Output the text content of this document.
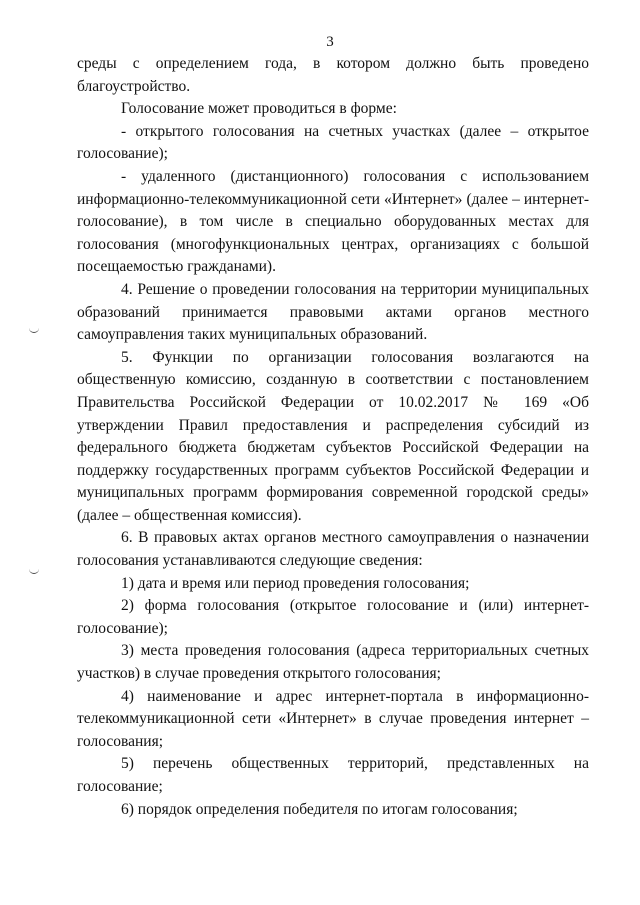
3

среды с определением года, в котором должно быть проведено благоустройство.

Голосование может проводиться в форме:

- открытого голосования на счетных участках (далее – открытое голосование);

- удаленного (дистанционного) голосования с использованием информационно-телекоммуникационной сети «Интернет» (далее – интернет-голосование), в том числе в специально оборудованных местах для голосования (многофункциональных центрах, организациях с большой посещаемостью гражданами).

4. Решение о проведении голосования на территории муниципальных образований принимается правовыми актами органов местного самоуправления таких муниципальных образований.

5. Функции по организации голосования возлагаются на общественную комиссию, созданную в соответствии с постановлением Правительства Российской Федерации от 10.02.2017 № 169 «Об утверждении Правил предоставления и распределения субсидий из федерального бюджета бюджетам субъектов Российской Федерации на поддержку государственных программ субъектов Российской Федерации и муниципальных программ формирования современной городской среды» (далее – общественная комиссия).

6. В правовых актах органов местного самоуправления о назначении голосования устанавливаются следующие сведения:

1) дата и время или период проведения голосования;

2) форма голосования (открытое голосование и (или) интернет-голосование);

3) места проведения голосования (адреса территориальных счетных участков) в случае проведения открытого голосования;

4) наименование и адрес интернет-портала в информационно-телекоммуникационной сети «Интернет» в случае проведения интернет – голосования;

5) перечень общественных территорий, представленных на голосование;

6) порядок определения победителя по итогам голосования;
